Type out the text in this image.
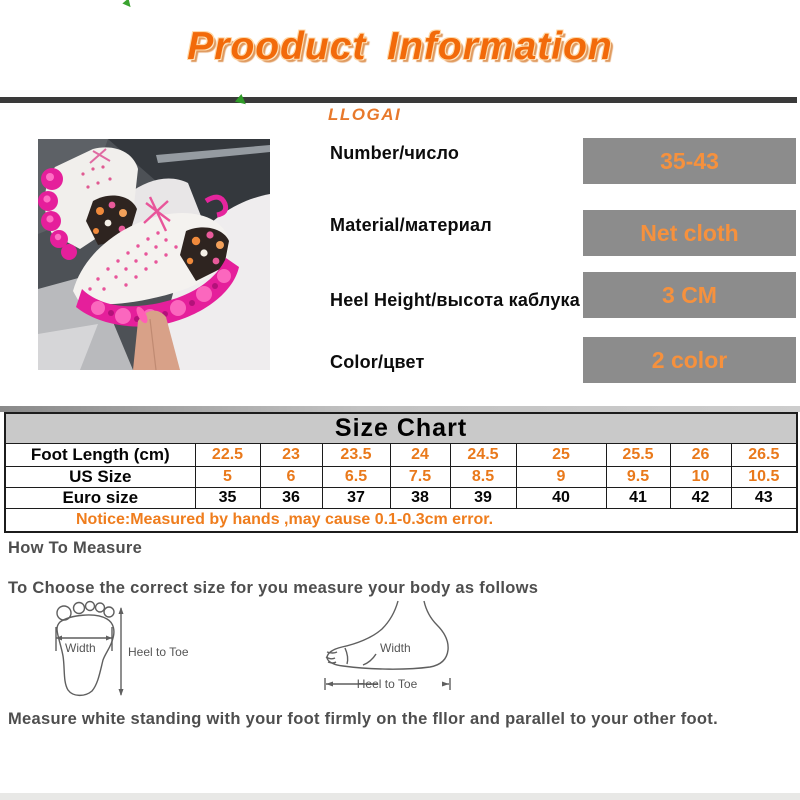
Prooduct Information
LLOGAI
Number/число	35-43
Material/материал	Net cloth
Heel Height/высота каблука	3 CM
Color/цвет	2 color
Size Chart									
Foot Length (cm)	22.5	23	23.5	24	24.5	25	25.5	26	26.5
US Size	5	6	6.5	7.5	8.5	9	9.5	10	10.5
Euro size	35	36	37	38	39	40	41	42	43
Notice:Measured by hands ,may cause 0.1-0.3cm error.									
How To Measure
To Choose the correct size for you measure your body as follows
Width	Heel to Toe	Width
Heel to Toe
Measure white standing with your foot firmly on the fllor and parallel to your other foot.
